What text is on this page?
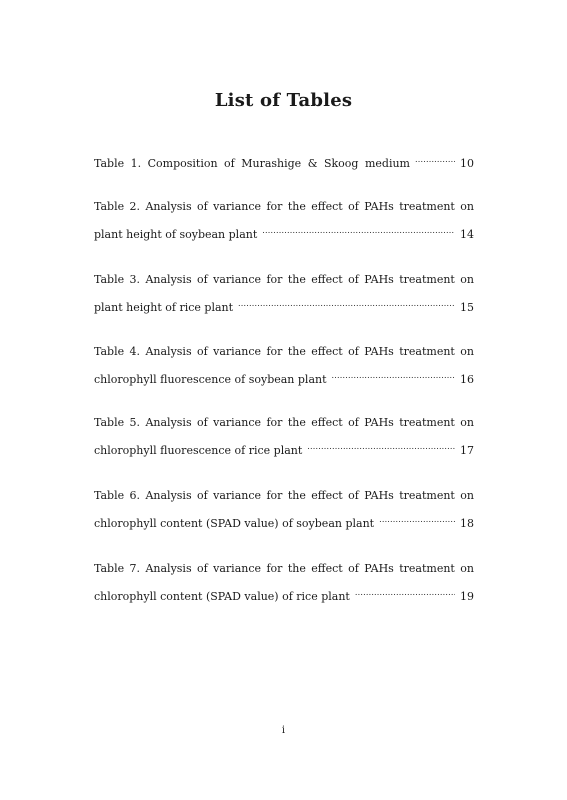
List of Tables
Table 1. Composition of Murashige & Skoog medium .....	10
Table 2. Analysis of variance for the effect of PAHs treatment on
plant height of soybean plant .....	14
Table 3. Analysis of variance for the effect of PAHs treatment on
plant height of rice plant .....	15
Table 4. Analysis of variance for the effect of PAHs treatment on
chlorophyll fluorescence of soybean plant .....	16
Table 5. Analysis of variance for the effect of PAHs treatment on
chlorophyll fluorescence of rice plant .....	17
Table 6. Analysis of variance for the effect of PAHs treatment on
chlorophyll content (SPAD value) of soybean plant .....	18
Table 7. Analysis of variance for the effect of PAHs treatment on
chlorophyll content (SPAD value) of rice plant .....	19
i
